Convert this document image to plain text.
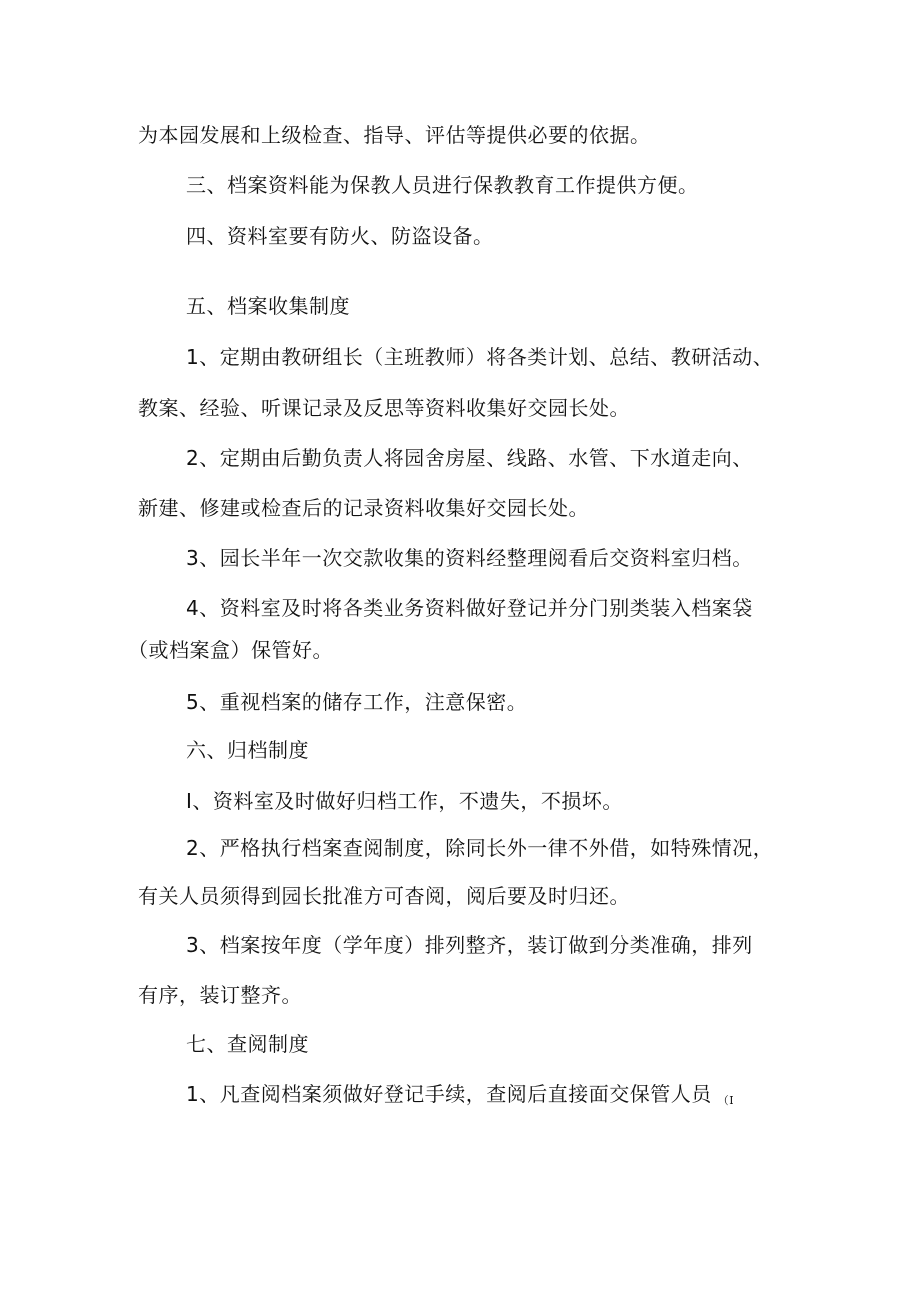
为本园发展和上级检查、指导、评估等提供必要的依据。

三、档案资料能为保教人员进行保教教育工作提供方便。

四、资料室要有防火、防盗设备。

五、档案收集制度

1、定期由教研组长（主班教师）将各类计划、总结、教研活动、

教案、经验、听课记录及反思等资料收集好交园长处。

2、定期由后勤负责人将园舍房屋、线路、水管、下水道走向、

新建、修建或检查后的记录资料收集好交园长处。

3、园长半年一次交款收集的资料经整理阅看后交资料室归档。

4、资料室及时将各类业务资料做好登记并分门别类装入档案袋

（或档案盒）保管好。

5、重视档案的储存工作，注意保密。

六、归档制度

I、资料室及时做好归档工作，不遗失，不损坏。

2、严格执行档案查阅制度，除同长外一律不外借，如特殊情况，

有关人员须得到园长批准方可杳阅，阅后要及时归还。

3、档案按年度（学年度）排列整齐，装订做到分类准确，排列

有序，装订整齐。

七、查阅制度

1、凡查阅档案须做好登记手续，查阅后直接面交保管人员 （I
